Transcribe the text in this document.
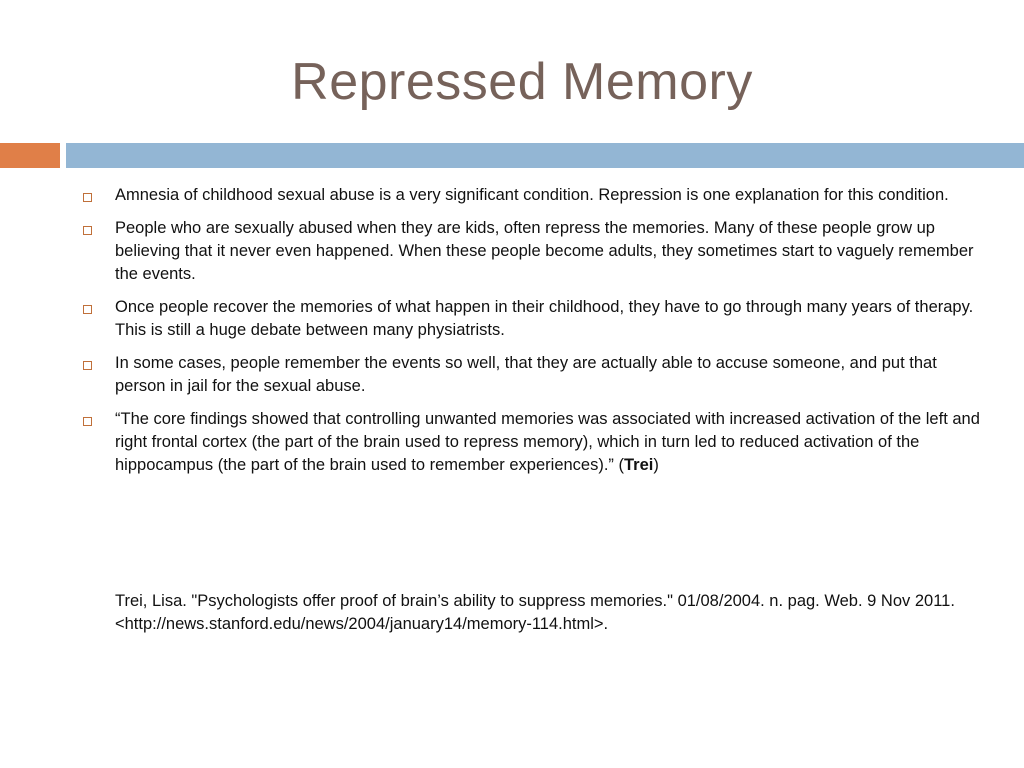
Repressed Memory
Amnesia of childhood sexual abuse is a very significant condition. Repression is one explanation for this condition.
People who are sexually abused when they are kids, often repress the memories. Many of these people grow up believing that it never even happened. When these people become adults, they sometimes start to vaguely remember the events.
Once people recover the memories of what happen in their childhood, they have to go through many years of therapy. This is still a huge debate between many physiatrists.
In some cases, people remember the events so well, that they are actually able to accuse someone, and put that person in jail for the sexual abuse.
“The core findings showed that controlling unwanted memories was associated with increased activation of the left and right frontal cortex (the part of the brain used to repress memory), which in turn led to reduced activation of the hippocampus (the part of the brain used to remember experiences).” (Trei)
Trei, Lisa. "Psychologists offer proof of brain’s ability to suppress memories." 01/08/2004. n. pag. Web. 9 Nov 2011. <http://news.stanford.edu/news/2004/january14/memory-114.html>.
